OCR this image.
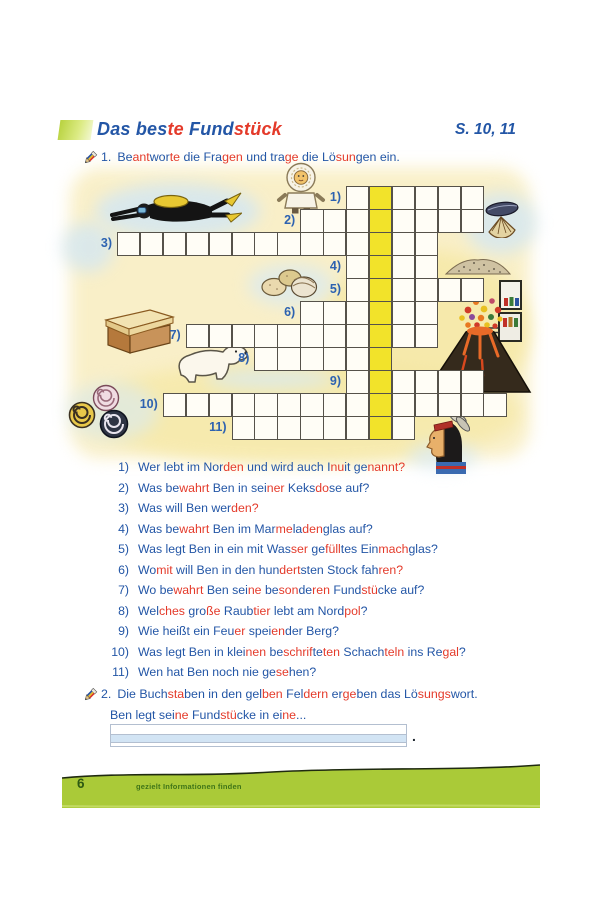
Das beste Fundstück	S. 10, 11
1. Beantworte die Fragen und trage die Lösungen ein.
1)
2)
3)
4)
5)
6)
7)
8)
9)
10)
11)
1) Wer lebt im Norden und wird auch Inuit genannt?
2) Was bewahrt Ben in seiner Keksdose auf?
3) Was will Ben werden?
4) Was bewahrt Ben im Marmeladenglas auf?
5) Was legt Ben in ein mit Wasser gefülltes Einmachglas?
6) Womit will Ben in den hundertsten Stock fahren?
7) Wo bewahrt Ben seine besonderen Fundstücke auf?
8) Welches große Raubtier lebt am Nordpol?
9) Wie heißt ein Feuer speiender Berg?
10) Was legt Ben in kleinen beschrifteten Schachteln ins Regal?
11) Wen hat Ben noch nie gesehen?
2. Die Buchstaben in den gelben Feldern ergeben das Lösungswort.
Ben legt seine Fundstücke in eine...
.
6	gezielt Informationen finden
